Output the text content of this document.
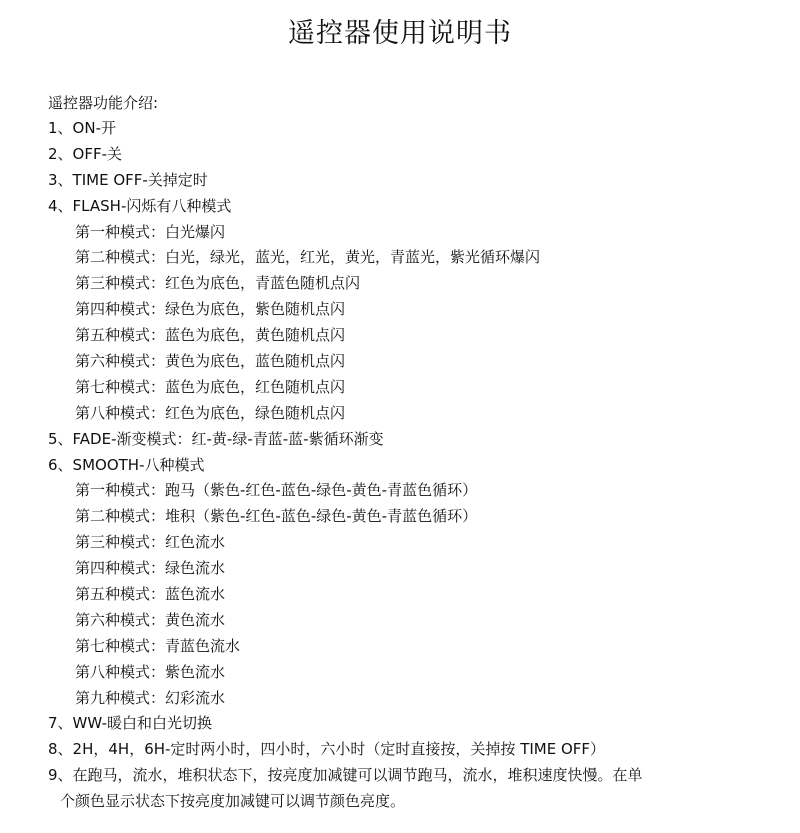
遥控器使用说明书
遥控器功能介绍:
1、ON-开
2、OFF-关
3、TIME OFF-关掉定时
4、FLASH-闪烁有八种模式
第一种模式：白光爆闪
第二种模式：白光，绿光，蓝光，红光，黄光，青蓝光，紫光循环爆闪
第三种模式：红色为底色，青蓝色随机点闪
第四种模式：绿色为底色，紫色随机点闪
第五种模式：蓝色为底色，黄色随机点闪
第六种模式：黄色为底色，蓝色随机点闪
第七种模式：蓝色为底色，红色随机点闪
第八种模式：红色为底色，绿色随机点闪
5、FADE-渐变模式：红-黄-绿-青蓝-蓝-紫循环渐变
6、SMOOTH-八种模式
第一种模式：跑马（紫色-红色-蓝色-绿色-黄色-青蓝色循环）
第二种模式：堆积（紫色-红色-蓝色-绿色-黄色-青蓝色循环）
第三种模式：红色流水
第四种模式：绿色流水
第五种模式：蓝色流水
第六种模式：黄色流水
第七种模式：青蓝色流水
第八种模式：紫色流水
第九种模式：幻彩流水
7、WW-暖白和白光切换
8、2H，4H，6H-定时两小时，四小时，六小时（定时直接按，关掉按 TIME OFF）
9、在跑马，流水，堆积状态下，按亮度加减键可以调节跑马，流水，堆积速度快慢。在单
个颜色显示状态下按亮度加减键可以调节颜色亮度。
